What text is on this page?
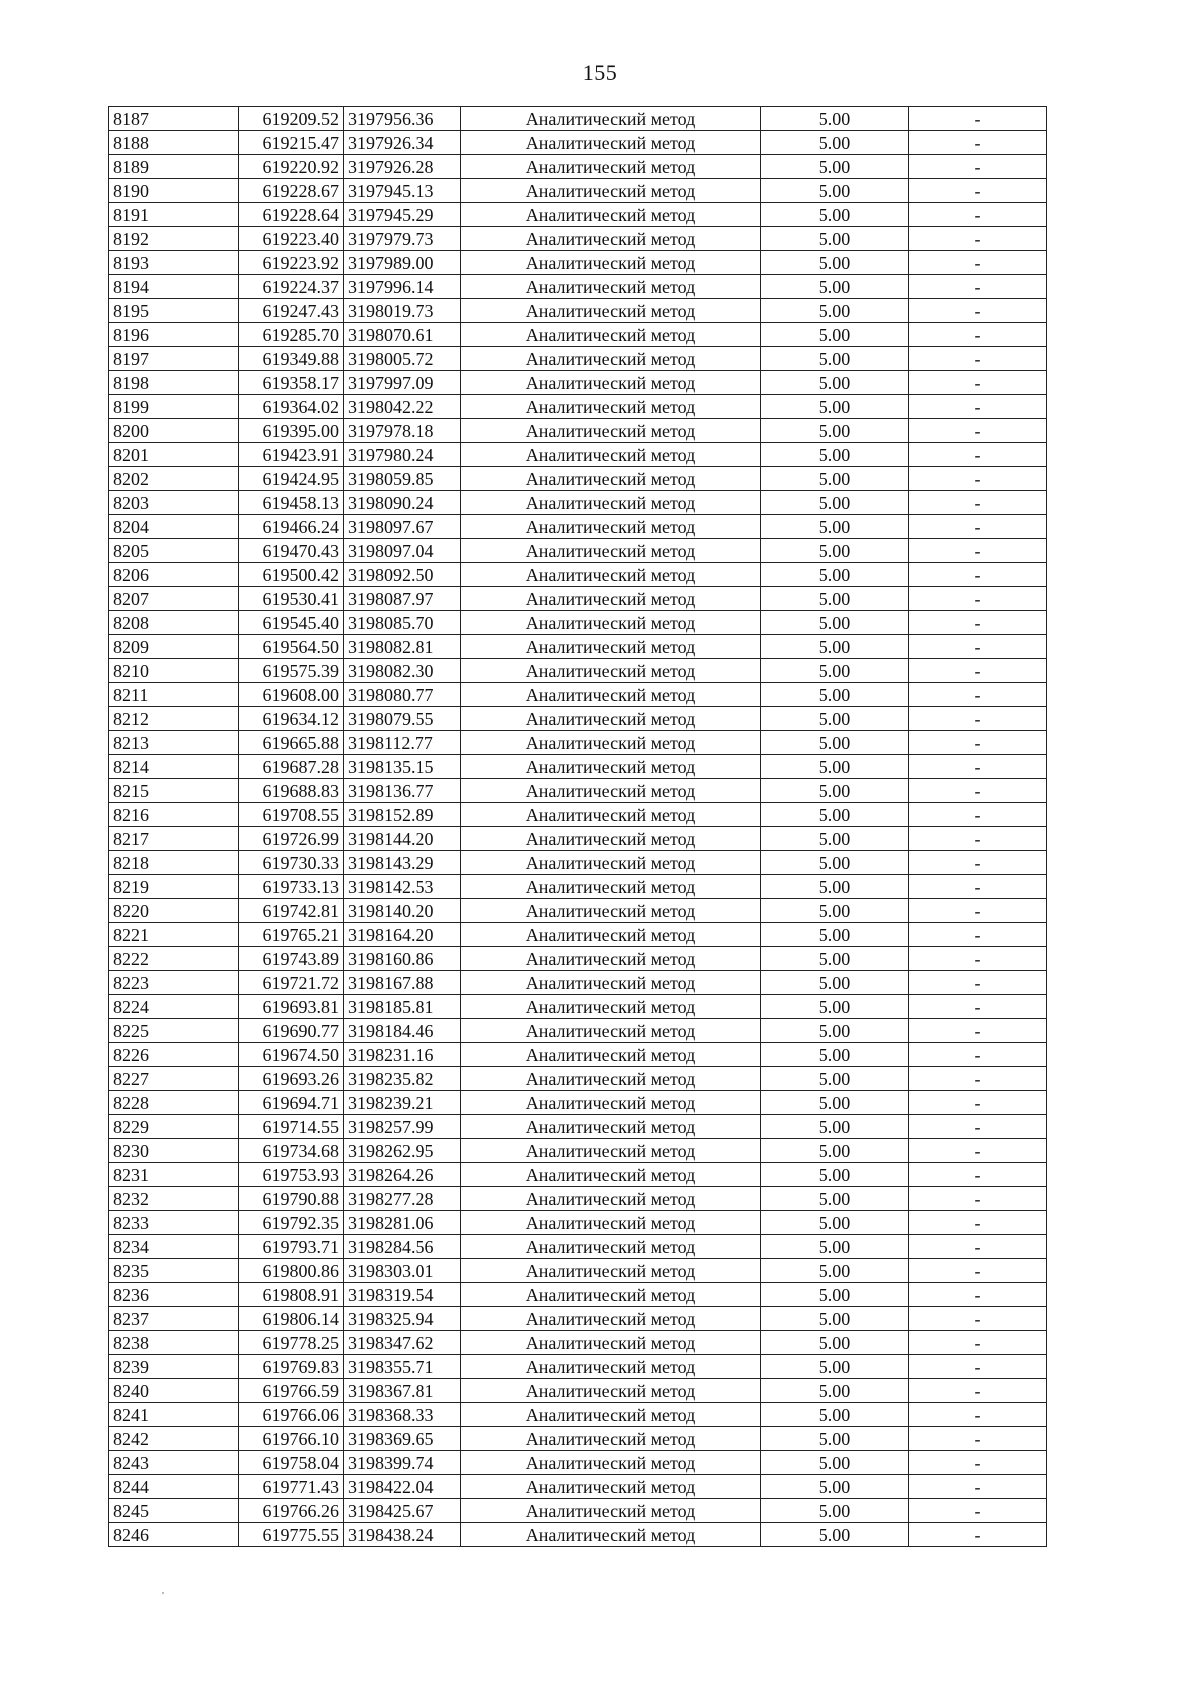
155
8187	619209.52	3197956.36	Аналитический метод	5.00	-
8188	619215.47	3197926.34	Аналитический метод	5.00	-
8189	619220.92	3197926.28	Аналитический метод	5.00	-
8190	619228.67	3197945.13	Аналитический метод	5.00	-
8191	619228.64	3197945.29	Аналитический метод	5.00	-
8192	619223.40	3197979.73	Аналитический метод	5.00	-
8193	619223.92	3197989.00	Аналитический метод	5.00	-
8194	619224.37	3197996.14	Аналитический метод	5.00	-
8195	619247.43	3198019.73	Аналитический метод	5.00	-
8196	619285.70	3198070.61	Аналитический метод	5.00	-
8197	619349.88	3198005.72	Аналитический метод	5.00	-
8198	619358.17	3197997.09	Аналитический метод	5.00	-
8199	619364.02	3198042.22	Аналитический метод	5.00	-
8200	619395.00	3197978.18	Аналитический метод	5.00	-
8201	619423.91	3197980.24	Аналитический метод	5.00	-
8202	619424.95	3198059.85	Аналитический метод	5.00	-
8203	619458.13	3198090.24	Аналитический метод	5.00	-
8204	619466.24	3198097.67	Аналитический метод	5.00	-
8205	619470.43	3198097.04	Аналитический метод	5.00	-
8206	619500.42	3198092.50	Аналитический метод	5.00	-
8207	619530.41	3198087.97	Аналитический метод	5.00	-
8208	619545.40	3198085.70	Аналитический метод	5.00	-
8209	619564.50	3198082.81	Аналитический метод	5.00	-
8210	619575.39	3198082.30	Аналитический метод	5.00	-
8211	619608.00	3198080.77	Аналитический метод	5.00	-
8212	619634.12	3198079.55	Аналитический метод	5.00	-
8213	619665.88	3198112.77	Аналитический метод	5.00	-
8214	619687.28	3198135.15	Аналитический метод	5.00	-
8215	619688.83	3198136.77	Аналитический метод	5.00	-
8216	619708.55	3198152.89	Аналитический метод	5.00	-
8217	619726.99	3198144.20	Аналитический метод	5.00	-
8218	619730.33	3198143.29	Аналитический метод	5.00	-
8219	619733.13	3198142.53	Аналитический метод	5.00	-
8220	619742.81	3198140.20	Аналитический метод	5.00	-
8221	619765.21	3198164.20	Аналитический метод	5.00	-
8222	619743.89	3198160.86	Аналитический метод	5.00	-
8223	619721.72	3198167.88	Аналитический метод	5.00	-
8224	619693.81	3198185.81	Аналитический метод	5.00	-
8225	619690.77	3198184.46	Аналитический метод	5.00	-
8226	619674.50	3198231.16	Аналитический метод	5.00	-
8227	619693.26	3198235.82	Аналитический метод	5.00	-
8228	619694.71	3198239.21	Аналитический метод	5.00	-
8229	619714.55	3198257.99	Аналитический метод	5.00	-
8230	619734.68	3198262.95	Аналитический метод	5.00	-
8231	619753.93	3198264.26	Аналитический метод	5.00	-
8232	619790.88	3198277.28	Аналитический метод	5.00	-
8233	619792.35	3198281.06	Аналитический метод	5.00	-
8234	619793.71	3198284.56	Аналитический метод	5.00	-
8235	619800.86	3198303.01	Аналитический метод	5.00	-
8236	619808.91	3198319.54	Аналитический метод	5.00	-
8237	619806.14	3198325.94	Аналитический метод	5.00	-
8238	619778.25	3198347.62	Аналитический метод	5.00	-
8239	619769.83	3198355.71	Аналитический метод	5.00	-
8240	619766.59	3198367.81	Аналитический метод	5.00	-
8241	619766.06	3198368.33	Аналитический метод	5.00	-
8242	619766.10	3198369.65	Аналитический метод	5.00	-
8243	619758.04	3198399.74	Аналитический метод	5.00	-
8244	619771.43	3198422.04	Аналитический метод	5.00	-
8245	619766.26	3198425.67	Аналитический метод	5.00	-
8246	619775.55	3198438.24	Аналитический метод	5.00	-
